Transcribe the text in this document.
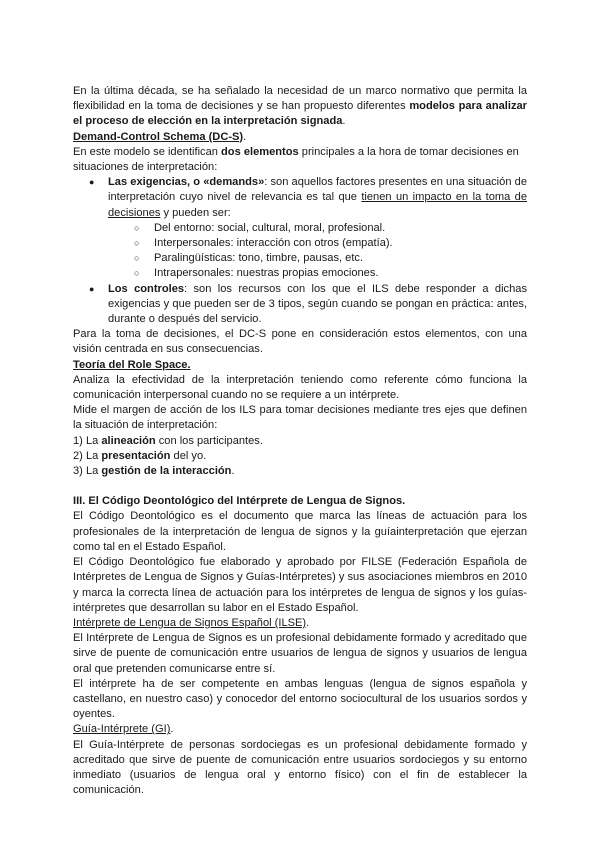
En la última década, se ha señalado la necesidad de un marco normativo que permita la flexibilidad en la toma de decisiones y se han propuesto diferentes modelos para analizar el proceso de elección en la interpretación signada.

Demand-Control Schema (DC-S).

En este modelo se identifican dos elementos principales a la hora de tomar decisiones en situaciones de interpretación:

● Las exigencias, o «demands»: son aquellos factores presentes en una situación de interpretación cuyo nivel de relevancia es tal que tienen un impacto en la toma de decisiones y pueden ser:
○ Del entorno: social, cultural, moral, profesional.
○ Interpersonales: interacción con otros (empatía).
○ Paralingüísticas: tono, timbre, pausas, etc.
○ Intrapersonales: nuestras propias emociones.
● Los controles: son los recursos con los que el ILS debe responder a dichas exigencias y que pueden ser de 3 tipos, según cuando se pongan en práctica: antes, durante o después del servicio.

Para la toma de decisiones, el DC-S pone en consideración estos elementos, con una visión centrada en sus consecuencias.

Teoría del Role Space.

Analiza la efectividad de la interpretación teniendo como referente cómo funciona la comunicación interpersonal cuando no se requiere a un intérprete.

Mide el margen de acción de los ILS para tomar decisiones mediante tres ejes que definen la situación de interpretación:

1) La alineación con los participantes.

2) La presentación del yo.

3) La gestión de la interacción.

III. El Código Deontológico del Intérprete de Lengua de Signos.

El Código Deontológico es el documento que marca las líneas de actuación para los profesionales de la interpretación de lengua de signos y la guíainterpretación que ejerzan como tal en el Estado Español.

El Código Deontológico fue elaborado y aprobado por FILSE (Federación Española de Intérpretes de Lengua de Signos y Guías-Intérpretes) y sus asociaciones miembros en 2010 y marca la correcta línea de actuación para los intérpretes de lengua de signos y los guías-intérpretes que desarrollan su labor en el Estado Español.

Intérprete de Lengua de Signos Español (ILSE).

El Intérprete de Lengua de Signos es un profesional debidamente formado y acreditado que sirve de puente de comunicación entre usuarios de lengua de signos y usuarios de lengua oral que pretenden comunicarse entre sí.

El intérprete ha de ser competente en ambas lenguas (lengua de signos española y castellano, en nuestro caso) y conocedor del entorno sociocultural de los usuarios sordos y oyentes.

Guía-Intérprete (GI).

El Guía-Intérprete de personas sordociegas es un profesional debidamente formado y acreditado que sirve de puente de comunicación entre usuarios sordociegos y su entorno inmediato (usuarios de lengua oral y entorno físico) con el fin de establecer la comunicación.
